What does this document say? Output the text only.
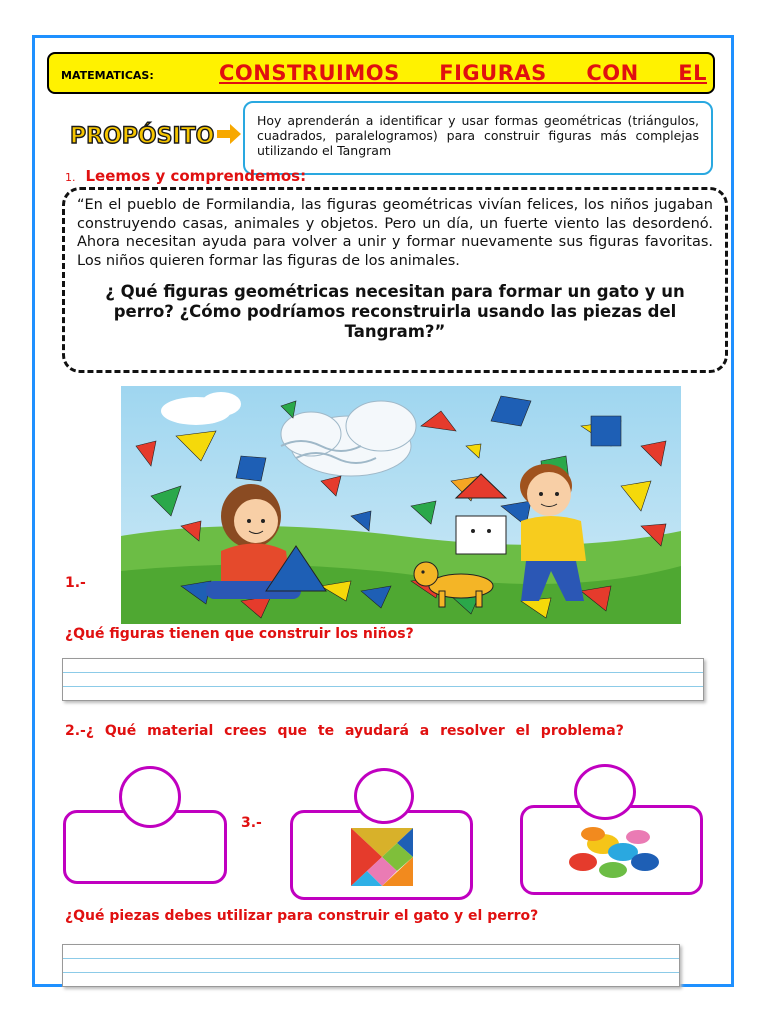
MATEMATICAS:	CONSTRUIMOS FIGURAS CON EL
PROPÓSITO
Hoy aprenderán a identificar y usar formas geométricas (triángulos, cuadrados, paralelogramos) para construir figuras más complejas utilizando el Tangram
1. Leemos y comprendemos:

“En el pueblo de Formilandia, las figuras geométricas vivían felices, los niños jugaban construyendo casas, animales y objetos. Pero un día, un fuerte viento las desordenó. Ahora necesitan ayuda para volver a unir y formar nuevamente sus figuras favoritas. Los niños quieren formar las figuras de los animales.

¿ Qué figuras geométricas necesitan para formar un gato y un perro? ¿Cómo podríamos reconstruirla usando las piezas del Tangram?”

1.-
¿Qué figuras tienen que construir los niños?
2.-¿ Qué material crees que te ayudará a resolver el problema?
3.-
¿Qué piezas debes utilizar para construir el gato y el perro?
